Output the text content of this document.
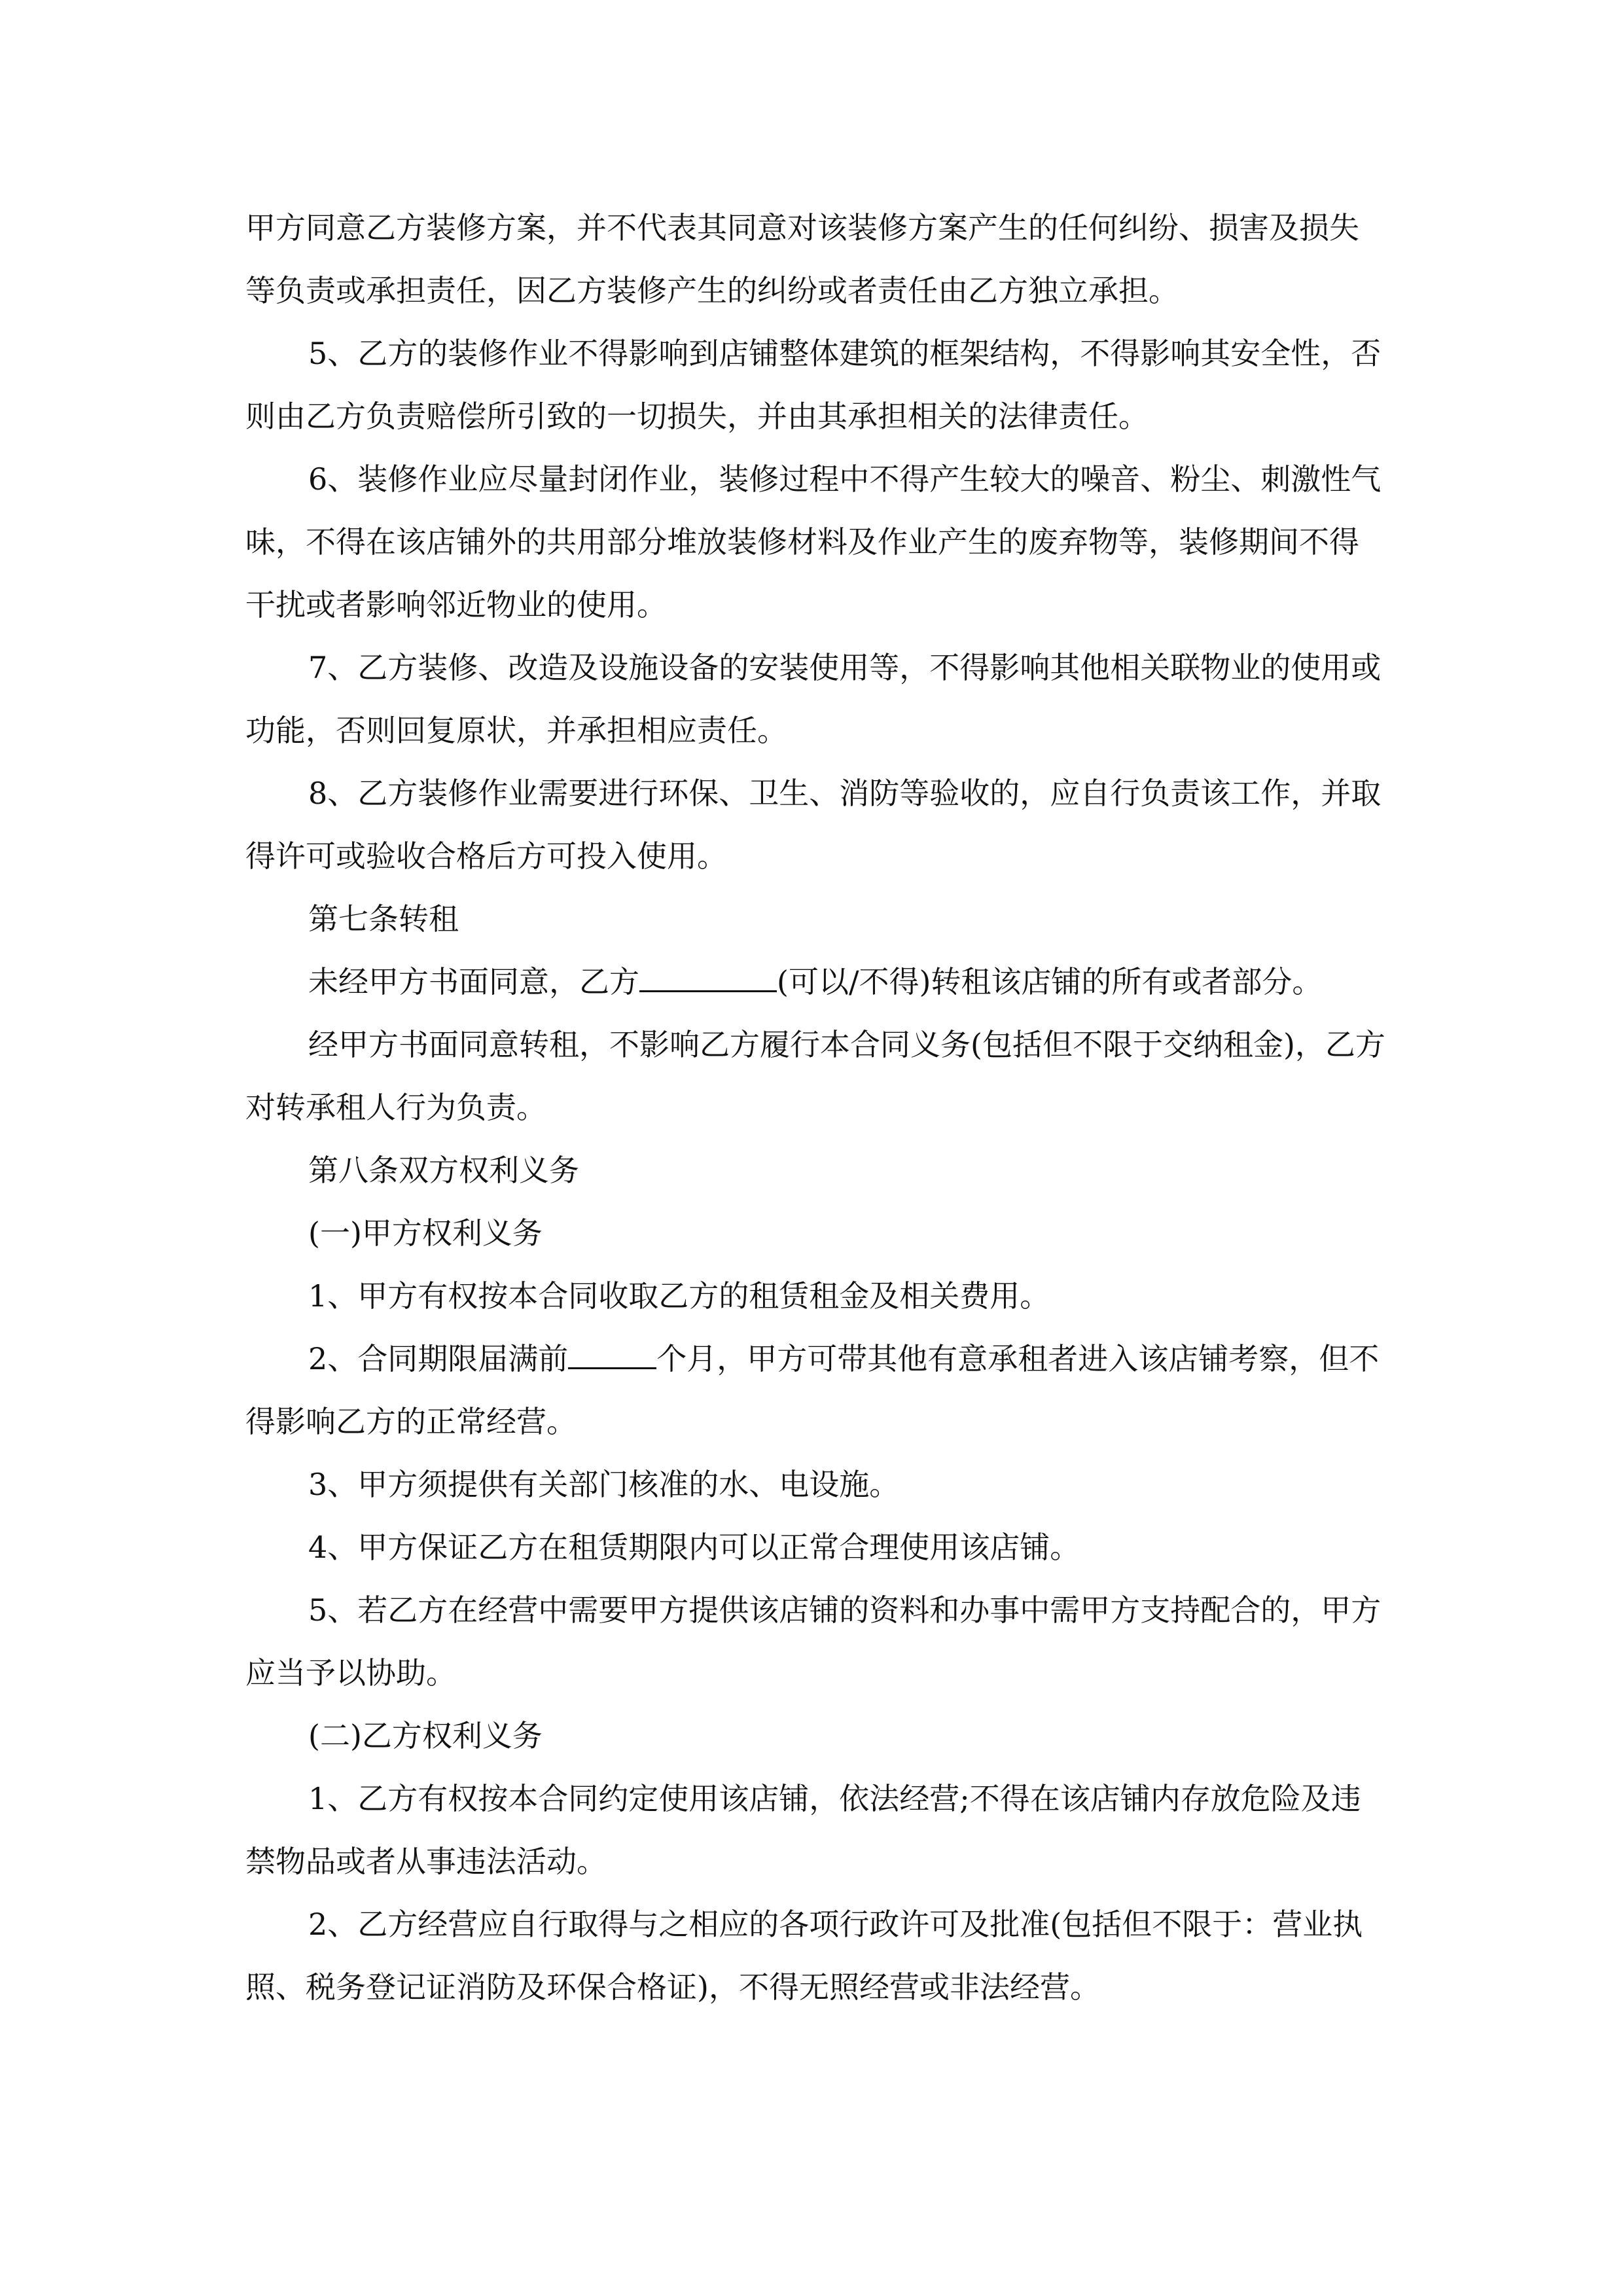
甲方同意乙方装修方案，并不代表其同意对该装修方案产生的任何纠纷、损害及损失等负责或承担责任，因乙方装修产生的纠纷或者责任由乙方独立承担。

5、乙方的装修作业不得影响到店铺整体建筑的框架结构，不得影响其安全性，否则由乙方负责赔偿所引致的一切损失，并由其承担相关的法律责任。

6、装修作业应尽量封闭作业，装修过程中不得产生较大的噪音、粉尘、刺激性气味，不得在该店铺外的共用部分堆放装修材料及作业产生的废弃物等，装修期间不得干扰或者影响邻近物业的使用。

7、乙方装修、改造及设施设备的安装使用等，不得影响其他相关联物业的使用或功能，否则回复原状，并承担相应责任。

8、乙方装修作业需要进行环保、卫生、消防等验收的，应自行负责该工作，并取得许可或验收合格后方可投入使用。

第七条转租

未经甲方书面同意，乙方	(可以/不得)转租该店铺的所有或者部分。

经甲方书面同意转租，不影响乙方履行本合同义务(包括但不限于交纳租金)，乙方对转承租人行为负责。

第八条双方权利义务

(一)甲方权利义务

1、甲方有权按本合同收取乙方的租赁租金及相关费用。

2、合同期限届满前	个月，甲方可带其他有意承租者进入该店铺考察，但不得影响乙方的正常经营。

3、甲方须提供有关部门核准的水、电设施。

4、甲方保证乙方在租赁期限内可以正常合理使用该店铺。

5、若乙方在经营中需要甲方提供该店铺的资料和办事中需甲方支持配合的，甲方应当予以协助。

(二)乙方权利义务

1、乙方有权按本合同约定使用该店铺，依法经营;不得在该店铺内存放危险及违禁物品或者从事违法活动。

2、乙方经营应自行取得与之相应的各项行政许可及批准(包括但不限于：营业执照、税务登记证消防及环保合格证)，不得无照经营或非法经营。
